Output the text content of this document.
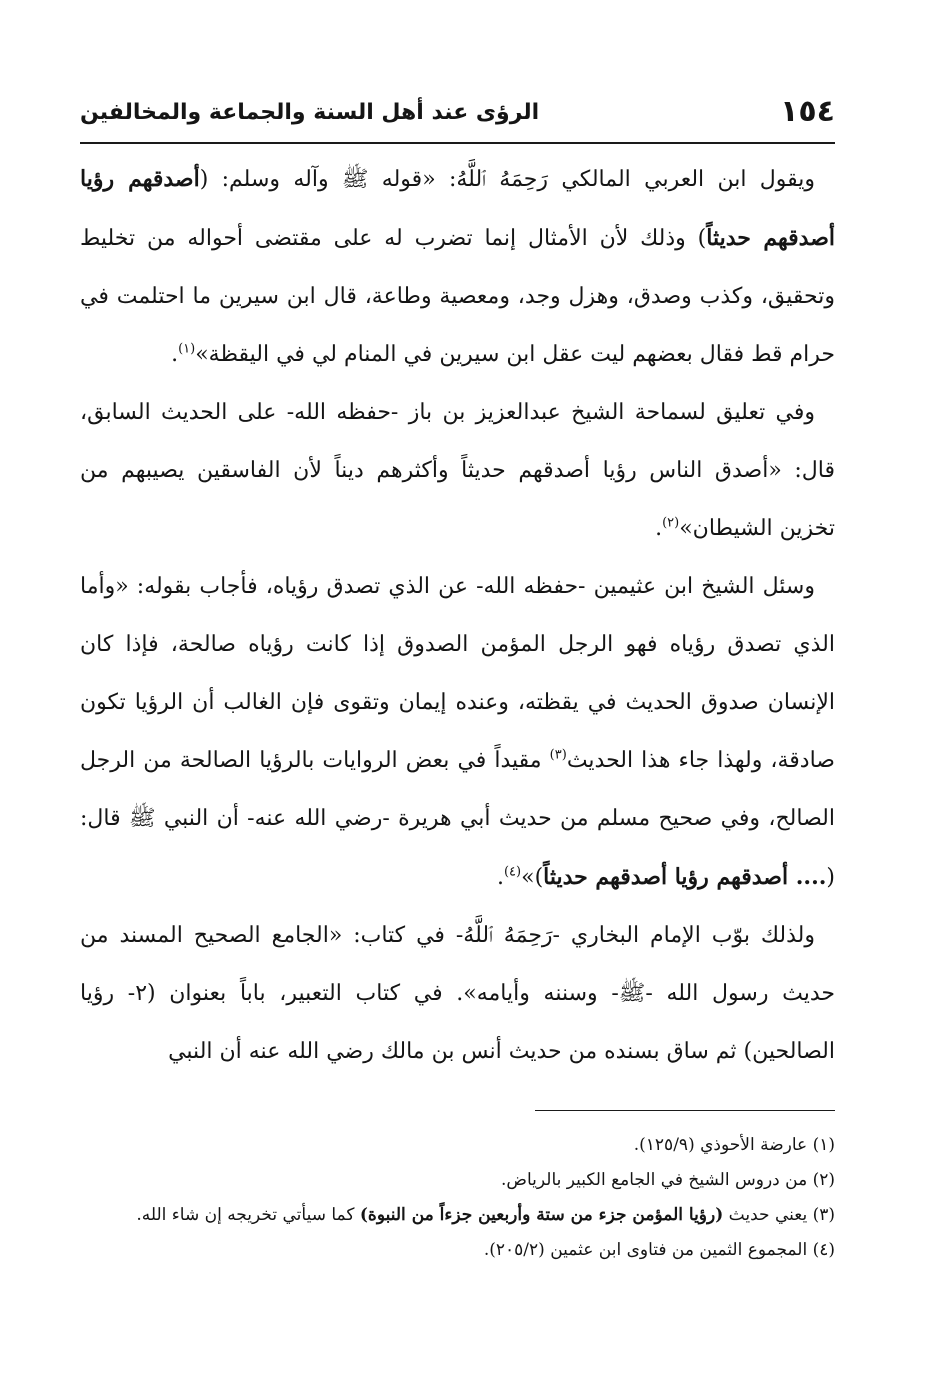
١٥٤
الرؤى عند أهل السنة والجماعة والمخالفين

ويقول ابن العربي المالكي رَحِمَهُ ٱللَّهُ: «قوله ﷺ وآله وسلم: (أصدقهم رؤيا أصدقهم حديثاً) وذلك لأن الأمثال إنما تضرب له على مقتضى أحواله من تخليط وتحقيق، وكذب وصدق، وهزل وجد، ومعصية وطاعة، قال ابن سيرين ما احتلمت في حرام قط فقال بعضهم ليت عقل ابن سيرين في المنام لي في اليقظة»$^{(١)}$.

وفي تعليق لسماحة الشيخ عبدالعزيز بن باز -حفظه الله- على الحديث السابق، قال: «أصدق الناس رؤيا أصدقهم حديثاً وأكثرهم ديناً لأن الفاسقين يصيبهم من تخزين الشيطان»$^{(٢)}$.

وسئل الشيخ ابن عثيمين -حفظه الله- عن الذي تصدق رؤياه، فأجاب بقوله: «وأما الذي تصدق رؤياه فهو الرجل المؤمن الصدوق إذا كانت رؤياه صالحة، فإذا كان الإنسان صدوق الحديث في يقظته، وعنده إيمان وتقوى فإن الغالب أن الرؤيا تكون صادقة، ولهذا جاء هذا الحديث$^{(٣)}$ مقيداً في بعض الروايات بالرؤيا الصالحة من الرجل الصالح، وفي صحيح مسلم من حديث أبي هريرة -رضي الله عنه- أن النبي ﷺ قال: (.... أصدقهم رؤيا أصدقهم حديثاً)»$^{(٤)}$.

ولذلك بوّب الإمام البخاري -رَحِمَهُ ٱللَّهُ- في كتاب: «الجامع الصحيح المسند من حديث رسول الله -ﷺ- وسننه وأيامه». في كتاب التعبير، باباً بعنوان (٢- رؤيا الصالحين) ثم ساق بسنده من حديث أنس بن مالك رضي الله عنه أن النبي

(١) عارضة الأحوذي (١٢٥/٩).

(٢) من دروس الشيخ في الجامع الكبير بالرياض.

(٣) يعني حديث (رؤيا المؤمن جزء من ستة وأربعين جزءاً من النبوة) كما سيأتي تخريجه إن شاء الله.

(٤) المجموع الثمين من فتاوى ابن عثمين (٢٠٥/٢).
